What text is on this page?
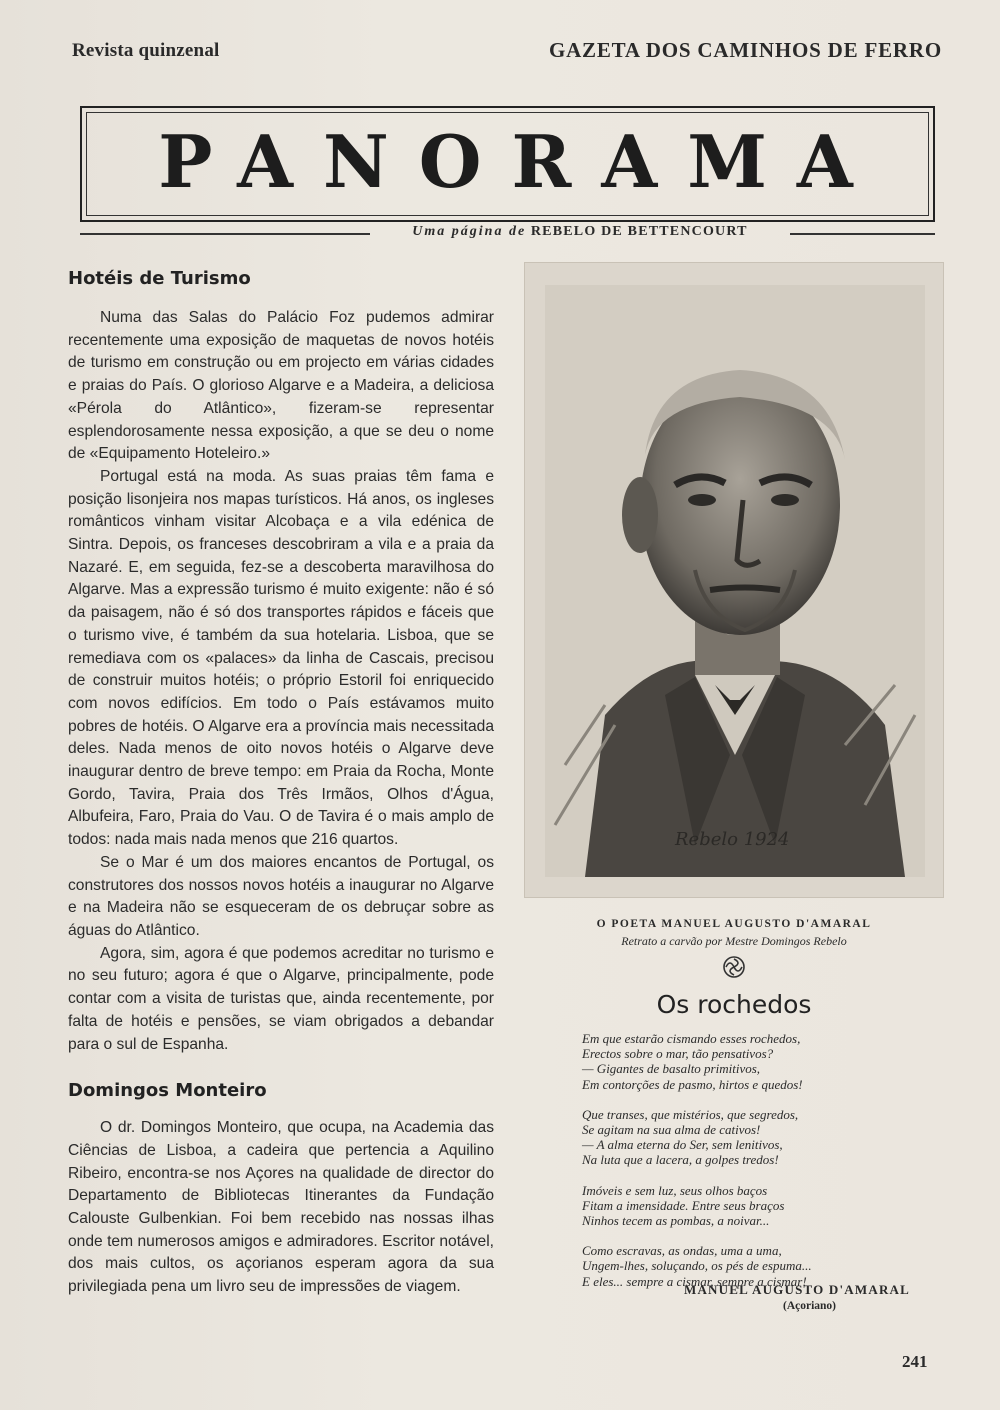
Revista quinzenal	GAZETA DOS CAMINHOS DE FERRO
PANORAMA
Uma página de REBELO DE BETTENCOURT
Hotéis de Turismo

Numa das Salas do Palácio Foz pudemos admirar recentemente uma exposição de maquetas de novos hotéis de turismo em construção ou em projecto em várias cidades e praias do País. O glorioso Algarve e a Madeira, a deliciosa «Pérola do Atlântico», fizeram-se representar esplendorosamente nessa exposição, a que se deu o nome de «Equipamento Hoteleiro.»

Portugal está na moda. As suas praias têm fama e posição lisonjeira nos mapas turísticos. Há anos, os ingleses românticos vinham visitar Alcobaça e a vila edénica de Sintra. Depois, os franceses descobriram a vila e a praia da Nazaré. E, em seguida, fez-se a descoberta maravilhosa do Algarve. Mas a expressão turismo é muito exigente: não é só da paisagem, não é só dos transportes rápidos e fáceis que o turismo vive, é também da sua hotelaria. Lisboa, que se remediava com os «palaces» da linha de Cascais, precisou de construir muitos hotéis; o próprio Estoril foi enriquecido com novos edifícios. Em todo o País estávamos muito pobres de hotéis. O Algarve era a província mais necessitada deles. Nada menos de oito novos hotéis o Algarve deve inaugurar dentro de breve tempo: em Praia da Rocha, Monte Gordo, Tavira, Praia dos Três Irmãos, Olhos d'Água, Albufeira, Faro, Praia do Vau. O de Tavira é o mais amplo de todos: nada mais nada menos que 216 quartos.

Se o Mar é um dos maiores encantos de Portugal, os construtores dos nossos novos hotéis a inaugurar no Algarve e na Madeira não se esqueceram de os debruçar sobre as águas do Atlântico.

Agora, sim, agora é que podemos acreditar no turismo e no seu futuro; agora é que o Algarve, principalmente, pode contar com a visita de turistas que, ainda recentemente, por falta de hotéis e pensões, se viam obrigados a debandar para o sul de Espanha.

Domingos Monteiro

O dr. Domingos Monteiro, que ocupa, na Academia das Ciências de Lisboa, a cadeira que pertencia a Aquilino Ribeiro, encontra-se nos Açores na qualidade de director do Departamento de Bibliotecas Itinerantes da Fundação Calouste Gulbenkian. Foi bem recebido nas nossas ilhas onde tem numerosos amigos e admiradores. Escritor notável, dos mais cultos, os açorianos esperam agora da sua privilegiada pena um livro seu de impressões de viagem.

Rebelo 1924
O POETA MANUEL AUGUSTO D'AMARAL
Retrato a carvão por Mestre Domingos Rebelo
Os rochedos
Em que estarão cismando esses rochedos,
Erectos sobre o mar, tão pensativos?
— Gigantes de basalto primitivos,
Em contorções de pasmo, hirtos e quedos!
Que transes, que mistérios, que segredos,
Se agitam na sua alma de cativos!
— A alma eterna do Ser, sem lenitivos,
Na luta que a lacera, a golpes tredos!
Imóveis e sem luz, seus olhos baços
Fitam a imensidade. Entre seus braços
Ninhos tecem as pombas, a noivar...
Como escravas, as ondas, uma a uma,
Ungem-lhes, soluçando, os pés de espuma...
E eles... sempre a cismar, sempre a cismar!
MANUEL AUGUSTO D'AMARAL
(Açoriano)
241
